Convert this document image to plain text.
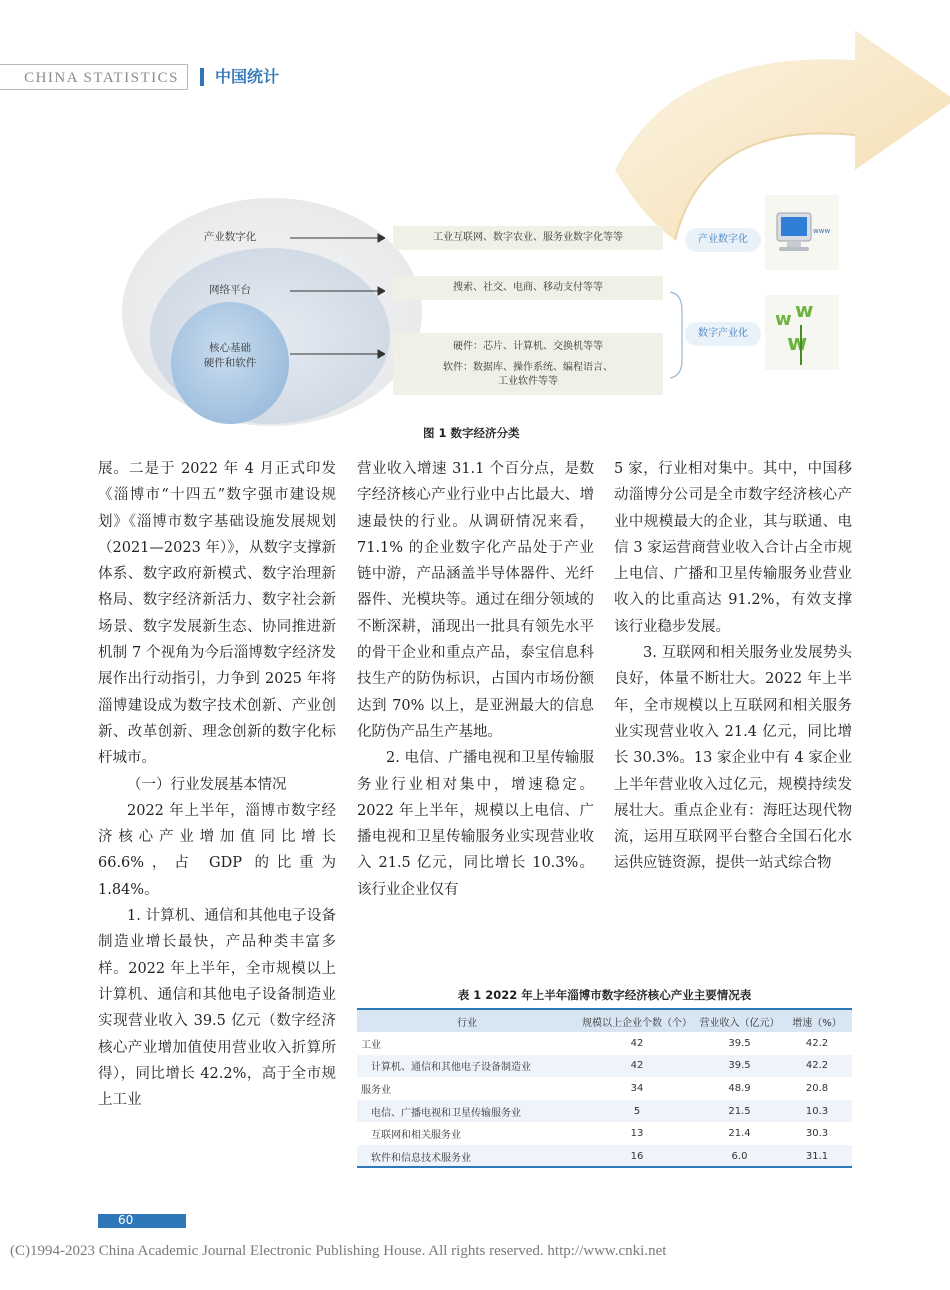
CHINA STATISTICS	中国统计
产业数字化
网络平台
核心基础
硬件和软件
工业互联网、数字农业、服务业数字化等等
搜索、社交、电商、移动支付等等
硬件：芯片、计算机、交换机等等
软件：数据库、操作系统、编程语言、
工业软件等等
产业数字化
数字产业化
www
w w
w
图 1 数字经济分类

展。二是于 2022 年 4 月正式印发《淄博市“十四五”数字强市建设规划》《淄博市数字基础设施发展规划（2021—2023 年）》，从数字支撑新体系、数字政府新模式、数字治理新格局、数字经济新活力、数字社会新场景、数字发展新生态、协同推进新机制 7 个视角为今后淄博数字经济发展作出行动指引，力争到 2025 年将淄博建设成为数字技术创新、产业创新、改革创新、理念创新的数字化标杆城市。

（一）行业发展基本情况

2022 年上半年，淄博市数字经济核心产业增加值同比增长 66.6%，占 GDP 的比重为 1.84%。

1. 计算机、通信和其他电子设备制造业增长最快，产品种类丰富多样。2022 年上半年，全市规模以上计算机、通信和其他电子设备制造业实现营业收入 39.5 亿元（数字经济核心产业增加值使用营业收入折算所得），同比增长 42.2%，高于全市规上工业

营业收入增速 31.1 个百分点，是数字经济核心产业行业中占比最大、增速最快的行业。从调研情况来看，71.1% 的企业数字化产品处于产业链中游，产品涵盖半导体器件、光纤器件、光模块等。通过在细分领域的不断深耕，涌现出一批具有领先水平的骨干企业和重点产品，泰宝信息科技生产的防伪标识，占国内市场份额达到 70% 以上，是亚洲最大的信息化防伪产品生产基地。

2. 电信、广播电视和卫星传输服务业行业相对集中，增速稳定。2022 年上半年，规模以上电信、广播电视和卫星传输服务业实现营业收入 21.5 亿元，同比增长 10.3%。该行业企业仅有

5 家，行业相对集中。其中，中国移动淄博分公司是全市数字经济核心产业中规模最大的企业，其与联通、电信 3 家运营商营业收入合计占全市规上电信、广播和卫星传输服务业营业收入的比重高达 91.2%，有效支撑该行业稳步发展。

3. 互联网和相关服务业发展势头良好，体量不断壮大。2022 年上半年，全市规模以上互联网和相关服务业实现营业收入 21.4 亿元，同比增长 30.3%。13 家企业中有 4 家企业上半年营业收入过亿元，规模持续发展壮大。重点企业有：海旺达现代物流，运用互联网平台整合全国石化水运供应链资源，提供一站式综合物

表 1 2022 年上半年淄博市数字经济核心产业主要情况表
行业	规模以上企业个数（个）	营业收入（亿元）	增速（%）
工业	42	39.5	42.2
计算机、通信和其他电子设备制造业	42	39.5	42.2
服务业	34	48.9	20.8
电信、广播电视和卫星传输服务业	5	21.5	10.3
互联网和相关服务业	13	21.4	30.3
软件和信息技术服务业	16	6.0	31.1
60
(C)1994-2023 China Academic Journal Electronic Publishing House. All rights reserved. http://www.cnki.net
